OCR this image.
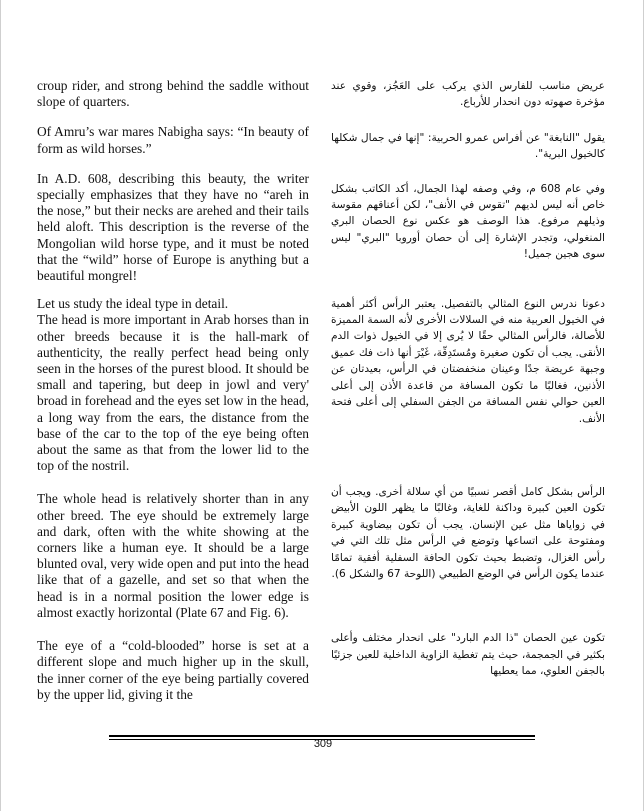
croup rider, and strong behind the saddle without slope of quarters.

Of Amru’s war mares Nabigha says: “In beauty of form as wild horses.”

In A.D. 608, describing this beauty, the writer specially emphasizes that they have no “areh in the nose,” but their necks are arehed and their tails held aloft. This description is the reverse of the Mongolian wild horse type, and it must be noted that the “wild” horse of Europe is anything but a beautiful mongrel!

Let us study the ideal type in detail.

The head is more important in Arab horses than in other breeds because it is the hall-mark of authenticity, the really perfect head being only seen in the horses of the purest blood. It should be small and tapering, but deep in jowl and very' broad in forehead and the eyes set low in the head, a long way from the ears, the distance from the base of the car to the top of the eye being often about the same as that from the lower lid to the top of the nostril.

The whole head is relatively shorter than in any other breed. The eye should be extremely large and dark, often with the white showing at the corners like a human eye. It should be a large blunted oval, very wide open and put into the head like that of a gazelle, and set so that when the head is in a normal position the lower edge is almost exactly horizontal (Plate 67 and Fig. 6).

The eye of a “cold-blooded” horse is set at a different slope and much higher up in the skull, the inner corner of the eye being partially covered by the upper lid, giving it the

عريض مناسب للفارس الذي يركب على العَجُز، وقوي عند مؤخرة صهوته دون انحدار للأرباع.

يقول "النابغة" عن أفراس عمرو الحربية: "إنها في جمال شكلها كالخيول البرية".

وفي عام 608 م، وفي وصفه لهذا الجمال، أكد الكاتب بشكل خاص أنه ليس لديهم "تقوس في الأنف"، لكن أعناقهم مقوسة وذيلهم مرفوع. هذا الوصف هو عكس نوع الحصان البري المنغولي، وتجدر الإشارة إلى أن حصان أوروبا "البري" ليس سوى هجين جميل!

دعونا ندرس النوع المثالي بالتفصيل. يعتبر الرأس أكثر أهمية في الخيول العربية منه في السلالات الأخرى لأنه السمة المميزة للأصالة، فالرأس المثالي حقًا لا يُرى إلا في الخيول ذوات الدم الأنقى. يجب أن تكون صغيرة ومُستَدِقّة، غَيْرَ أنها ذات فك عميق وجبهة عريضة جدًا وعينان منخفضتان في الرأس، بعيدتان عن الأذنين، فغالبًا ما تكون المسافة من قاعدة الأذن إلى أعلى العين حوالي نفس المسافة من الجفن السفلي إلى أعلى فتحة الأنف.

الرأس بشكل كامل أقصر نسبيًا من أي سلالة أخرى. ويجب أن تكون العين كبيرة وداكنة للغاية، وغالبًا ما يظهر اللون الأبيض في زواياها مثل عين الإنسان. يجب أن تكون بيضاوية كبيرة ومفتوحة على اتساعها وتوضع في الرأس مثل تلك التي في رأس الغزال، وتضبط بحيث تكون الحافة السفلية أفقية تمامًا عندما يكون الرأس في الوضع الطبيعي (اللوحة 67 والشكل 6).

تكون عين الحصان "ذا الدم البارد" على انحدار مختلف وأعلى بكثير في الجمجمة، حيث يتم تغطية الزاوية الداخلية للعين جزئيًا بالجفن العلوي، مما يعطيها

309
